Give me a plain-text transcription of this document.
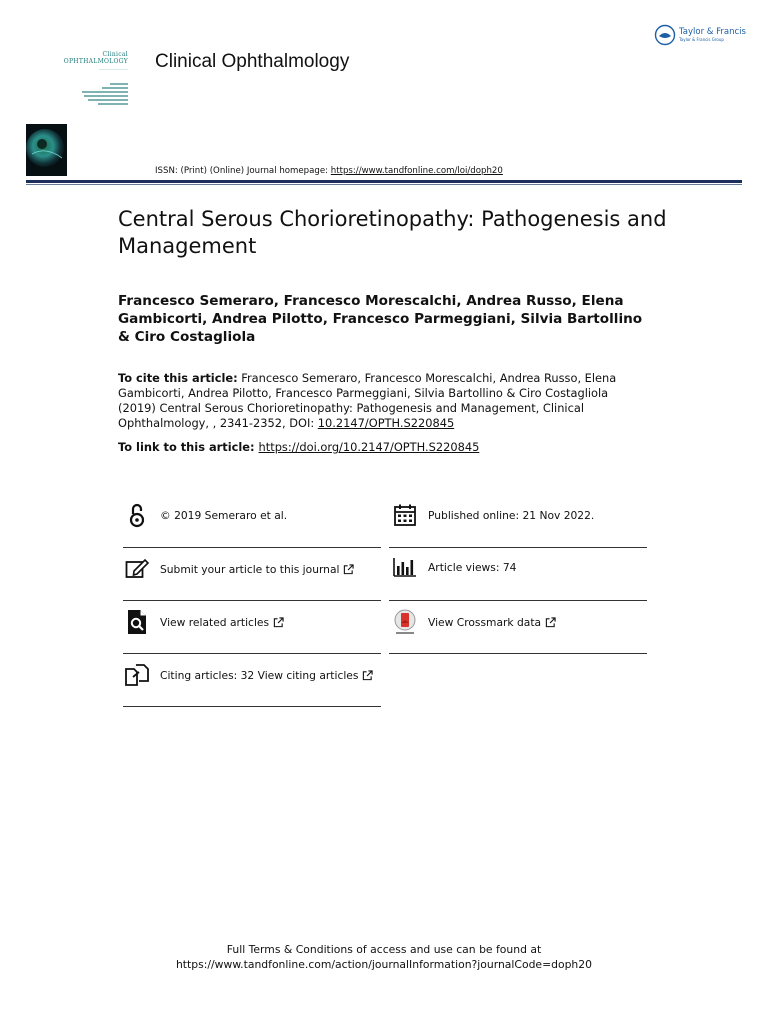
Taylor & Francis
Taylor & Francis Group
Clinical
OPHTHALMOLOGY
————————— Clinical Ophthalmology
ISSN: (Print) (Online) Journal homepage: https://www.tandfonline.com/loi/doph20
Central Serous Chorioretinopathy: Pathogenesis and Management
Francesco Semeraro, Francesco Morescalchi, Andrea Russo, Elena Gambicorti, Andrea Pilotto, Francesco Parmeggiani, Silvia Bartollino & Ciro Costagliola
To cite this article: Francesco Semeraro, Francesco Morescalchi, Andrea Russo, Elena Gambicorti, Andrea Pilotto, Francesco Parmeggiani, Silvia Bartollino & Ciro Costagliola (2019) Central Serous Chorioretinopathy: Pathogenesis and Management, Clinical Ophthalmology, , 2341-2352, DOI: 10.2147/OPTH.S220845
To link to this article: https://doi.org/10.2147/OPTH.S220845
© 2019 Semeraro et al.	Published online: 21 Nov 2022.
Submit your article to this journal	Article views: 74
View related articles	View Crossmark data
Citing articles: 32 View citing articles
Full Terms & Conditions of access and use can be found at
https://www.tandfonline.com/action/journalInformation?journalCode=doph20
